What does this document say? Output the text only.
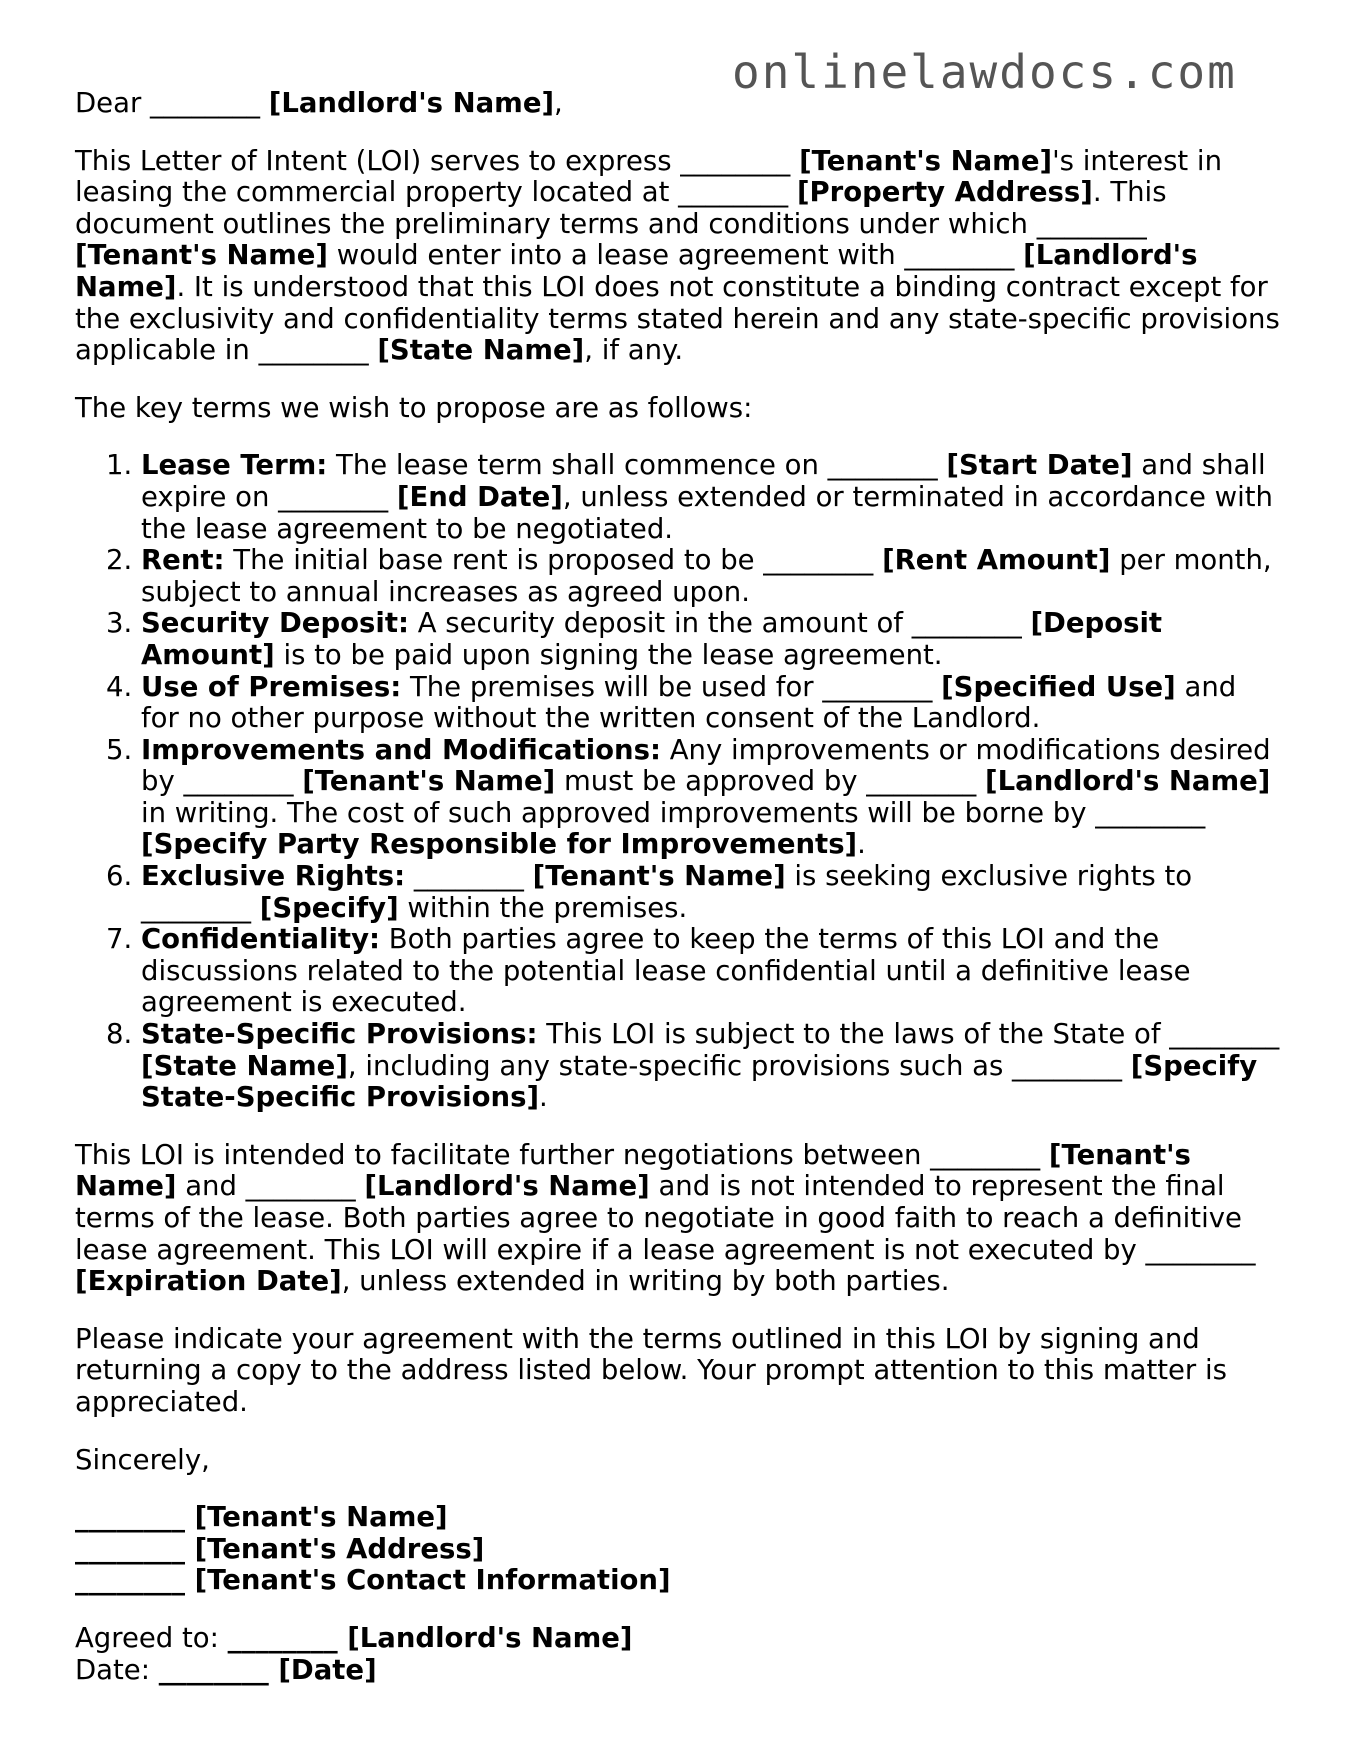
onlinelawdocs.com

Dear ________ [Landlord's Name],

This Letter of Intent (LOI) serves to express ________ [Tenant's Name]'s interest in leasing the commercial property located at ________ [Property Address]. This document outlines the preliminary terms and conditions under which ________ [Tenant's Name] would enter into a lease agreement with ________ [Landlord's Name]. It is understood that this LOI does not constitute a binding contract except for the exclusivity and confidentiality terms stated herein and any state-specific provisions applicable in ________ [State Name], if any.

The key terms we wish to propose are as follows:

1. Lease Term: The lease term shall commence on ________ [Start Date] and shall expire on ________ [End Date], unless extended or terminated in accordance with the lease agreement to be negotiated.
2. Rent: The initial base rent is proposed to be ________ [Rent Amount] per month, subject to annual increases as agreed upon.
3. Security Deposit: A security deposit in the amount of ________ [Deposit Amount] is to be paid upon signing the lease agreement.
4. Use of Premises: The premises will be used for ________ [Specified Use] and for no other purpose without the written consent of the Landlord.
5. Improvements and Modifications: Any improvements or modifications desired by ________ [Tenant's Name] must be approved by ________ [Landlord's Name] in writing. The cost of such approved improvements will be borne by ________ [Specify Party Responsible for Improvements].
6. Exclusive Rights: ________ [Tenant's Name] is seeking exclusive rights to ________ [Specify] within the premises.
7. Confidentiality: Both parties agree to keep the terms of this LOI and the discussions related to the potential lease confidential until a definitive lease agreement is executed.
8. State-Specific Provisions: This LOI is subject to the laws of the State of ________ [State Name], including any state-specific provisions such as ________ [Specify State-Specific Provisions].

This LOI is intended to facilitate further negotiations between ________ [Tenant's Name] and ________ [Landlord's Name] and is not intended to represent the final terms of the lease. Both parties agree to negotiate in good faith to reach a definitive lease agreement. This LOI will expire if a lease agreement is not executed by ________ [Expiration Date], unless extended in writing by both parties.

Please indicate your agreement with the terms outlined in this LOI by signing and returning a copy to the address listed below. Your prompt attention to this matter is appreciated.

Sincerely,

________ [Tenant's Name]
________ [Tenant's Address]
________ [Tenant's Contact Information]
Agreed to: ________ [Landlord's Name]
Date: ________ [Date]
